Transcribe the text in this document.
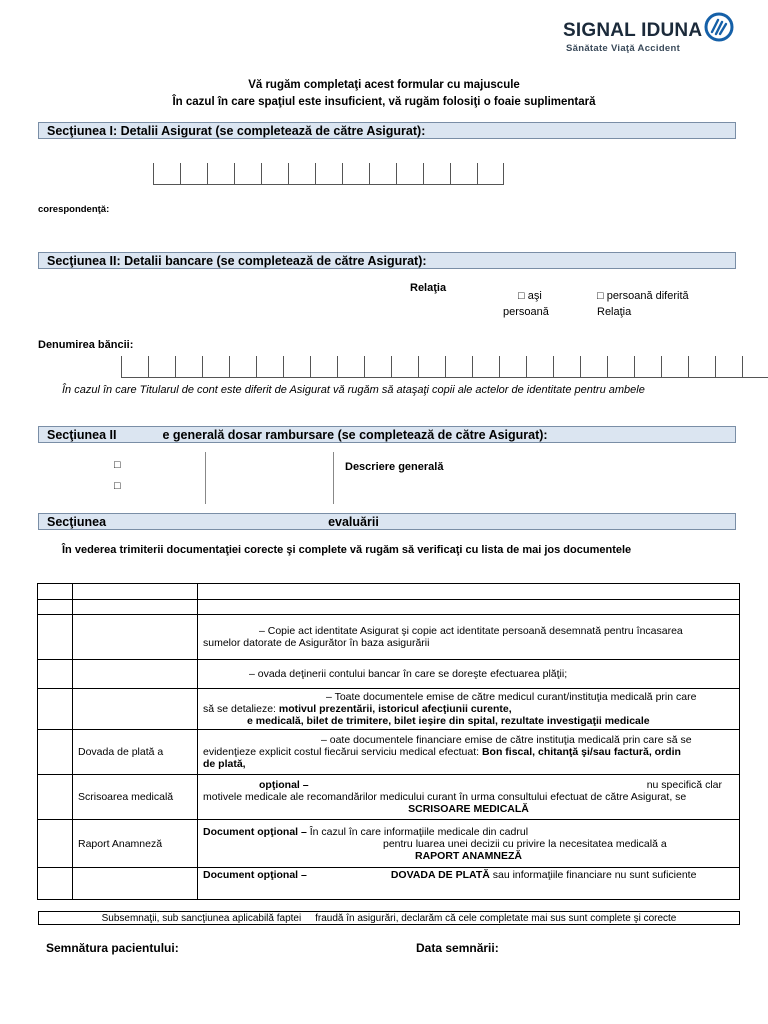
SIGNAL IDUNA
Sănătate Viaţă Accident
Vă rugăm completaţi acest formular cu majuscule
În cazul în care spaţiul este insuficient, vă rugăm folosiţi o foaie suplimentară
Secţiunea I: Detalii Asigurat (se completează de către Asigurat):
corespondenţă:
Secţiunea II: Detalii bancare (se completează de către Asigurat):
Relaţia
□ aşi
persoană
□ persoană diferită
Relaţia
Denumirea băncii:
În cazul în care Titularul de cont este diferit de Asigurat vă rugăm să ataşaţi copii ale actelor de identitate pentru ambele
Secţiunea II	e generală dosar rambursare (se completează de către Asigurat):
□
□
Descriere generală
Secţiunea	evaluării
În vederea trimiterii documentaţiei corecte şi complete vă rugăm să verificaţi cu lista de mai jos documentele

		– Copie act identitate Asigurat şi copie act identitate persoană desemnată pentru încasarea
sumelor datorate de Asigurător în baza asigurării

		– ovada deţinerii contului bancar în care se doreşte efectuarea plăţii;

		– Toate documentele emise de către medicul curant/instituţia medicală prin care
să se detalieze: motivul prezentării, istoricul afecţiunii curente,
e medicală, bilet de trimitere, bilet ieşire din spital, rezultate investigaţii medicale

	Dovada de plată a	– oate documentele financiare emise de către instituţia medicală prin care să se
evidenţieze explicit costul fiecărui serviciu medical efectuat: Bon fiscal, chitanţă şi/sau factură, ordin
de plată,

	Scrisoarea medicală	opţional – nu specifică clar
motivele medicale ale recomandărilor medicului curant în urma consultului efectuat de către Asigurat, se
SCRISOARE MEDICALĂ

	Raport Anamneză	Document opţional – În cazul în care informaţiile medicale din cadrul
pentru luarea unei decizii cu privire la necesitatea medicală a
RAPORT ANAMNEZĂ

		Document opţional – DOVADA DE PLATĂ sau informaţiile financiare nu sunt suficiente
Subsemnaţii, sub sancţiunea aplicabilă faptei     fraudă în asigurări, declarăm că cele completate mai sus sunt complete şi corecte
Semnătura pacientului:	Data semnării:
